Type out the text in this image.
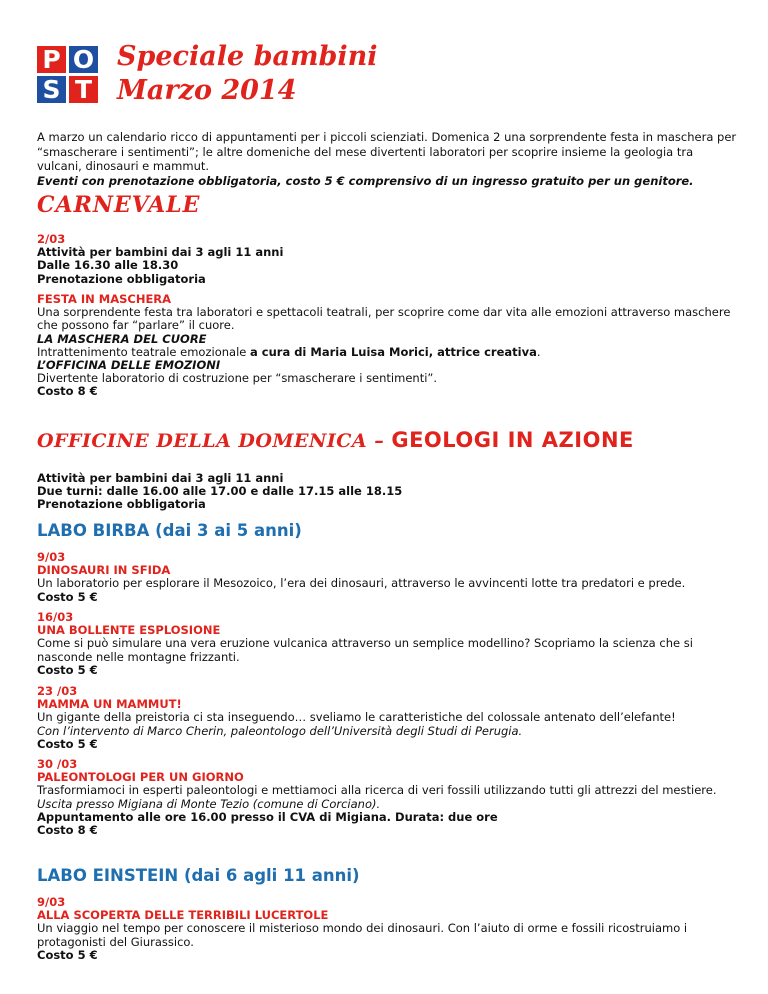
P O
S T
Speciale bambini
Marzo 2014

A marzo un calendario ricco di appuntamenti per i piccoli scienziati. Domenica 2 una sorprendente festa in maschera per “smascherare i sentimenti”; le altre domeniche del mese divertenti laboratori per scoprire insieme la geologia tra vulcani, dinosauri e mammut.

Eventi con prenotazione obbligatoria, costo 5 € comprensivo di un ingresso gratuito per un genitore.

CARNEVALE

2/03

Attività per bambini dai 3 agli 11 anni

Dalle 16.30 alle 18.30

Prenotazione obbligatoria

FESTA IN MASCHERA

Una sorprendente festa tra laboratori e spettacoli teatrali, per scoprire come dar vita alle emozioni attraverso maschere che possono far “parlare” il cuore.

LA MASCHERA DEL CUORE

Intrattenimento teatrale emozionale a cura di Maria Luisa Morici, attrice creativa.

L’OFFICINA DELLE EMOZIONI

Divertente laboratorio di costruzione per “smascherare i sentimenti”.

Costo 8 €

OFFICINE DELLA DOMENICA – GEOLOGI IN AZIONE

Attività per bambini dai 3 agli 11 anni

Due turni: dalle 16.00 alle 17.00 e dalle 17.15 alle 18.15

Prenotazione obbligatoria

LABO BIRBA (dai 3 ai 5 anni)

9/03

DINOSAURI IN SFIDA

Un laboratorio per esplorare il Mesozoico, l’era dei dinosauri, attraverso le avvincenti lotte tra predatori e prede.

Costo 5 €

16/03

UNA BOLLENTE ESPLOSIONE

Come si può simulare una vera eruzione vulcanica attraverso un semplice modellino? Scopriamo la scienza che si nasconde nelle montagne frizzanti.

Costo 5 €

23 /03

MAMMA UN MAMMUT!

Un gigante della preistoria ci sta inseguendo… sveliamo le caratteristiche del colossale antenato dell’elefante!

Con l’intervento di Marco Cherin, paleontologo dell’Università degli Studi di Perugia.

Costo 5 €

30 /03

PALEONTOLOGI PER UN GIORNO

Trasformiamoci in esperti paleontologi e mettiamoci alla ricerca di veri fossili utilizzando tutti gli attrezzi del mestiere.

Uscita presso Migiana di Monte Tezio (comune di Corciano).

Appuntamento alle ore 16.00 presso il CVA di Migiana. Durata: due ore

Costo 8 €

LABO EINSTEIN (dai 6 agli 11 anni)

9/03

ALLA SCOPERTA DELLE TERRIBILI LUCERTOLE

Un viaggio nel tempo per conoscere il misterioso mondo dei dinosauri. Con l’aiuto di orme e fossili ricostruiamo i protagonisti del Giurassico.

Costo 5 €
